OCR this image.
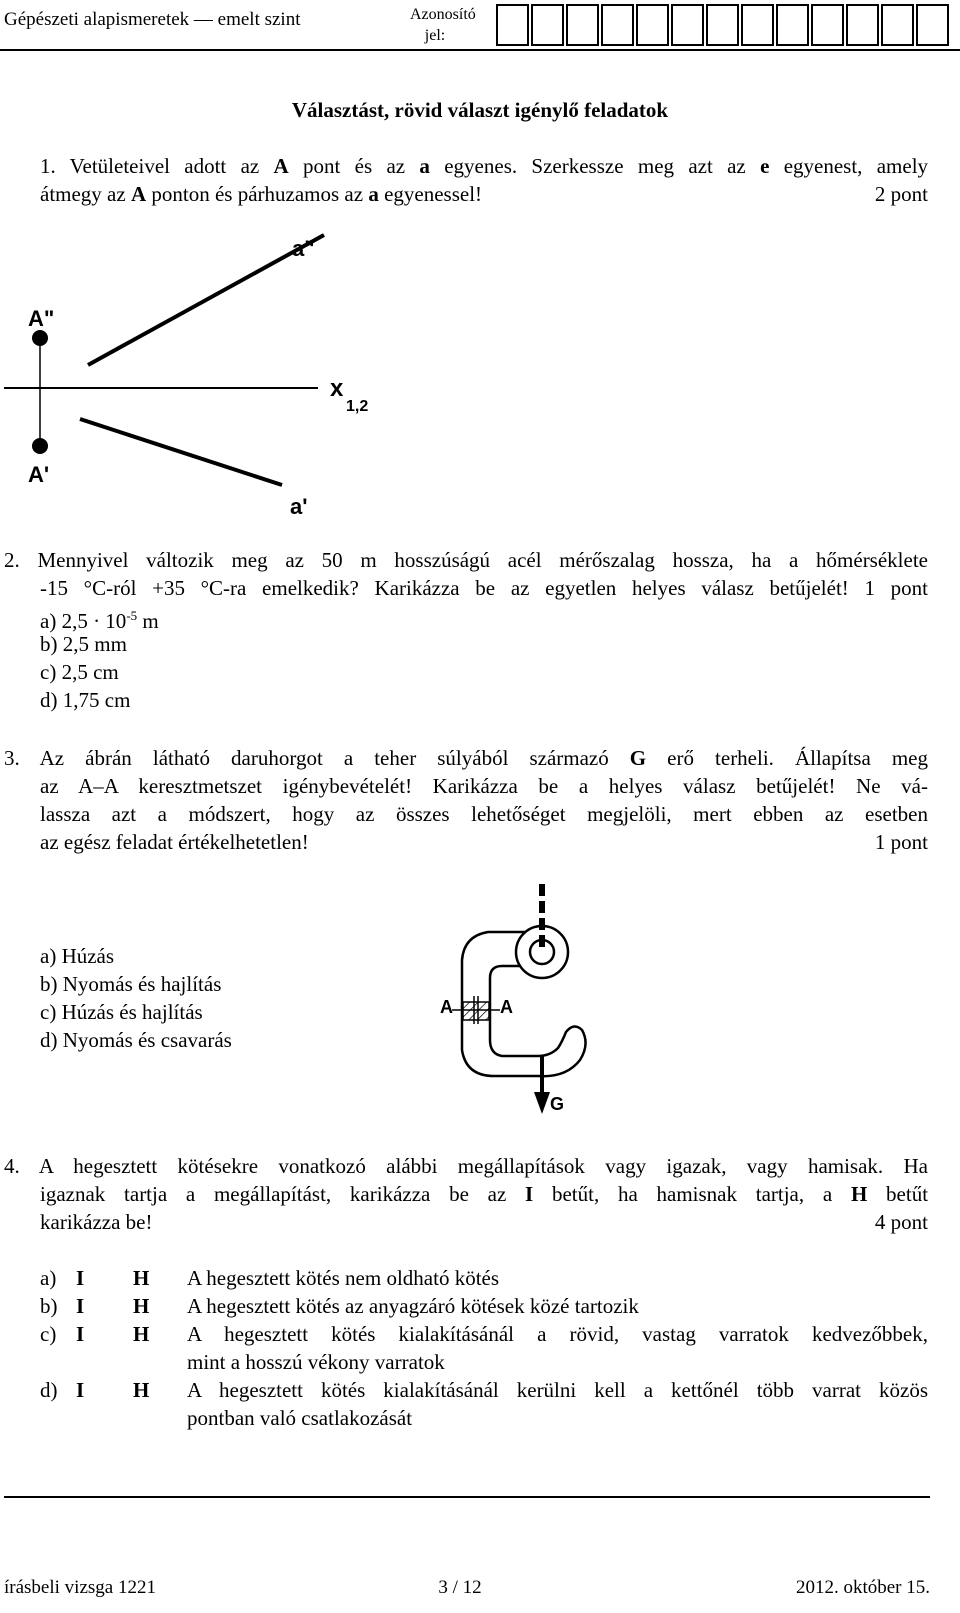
Gépészeti alapismeretek — emelt szint	Azonosító
jel:
Választást, rövid választ igénylő feladatok
1. Vetületeivel adott az A pont és az a egyenes. Szerkessze meg azt az e egyenest, amely
átmegy az A ponton és párhuzamos az a egyenessel!	2 pont
a"
A"
A'
a'
x
1,2
2. Mennyivel változik meg az 50 m hosszúságú acél mérőszalag hossza, ha a hőmérséklete
-15 °C-ról +35 °C-ra emelkedik? Karikázza be az egyetlen helyes válasz betűjelét! 1 pont
a) $2,5 \cdot 10^{-5}$ m
b) 2,5 mm
c) 2,5 cm
d) 1,75 cm
3. Az ábrán látható daruhorgot a teher súlyából származó G erő terheli. Állapítsa meg
az A–A keresztmetszet igénybevételét! Karikázza be a helyes válasz betűjelét! Ne vá-
lassza azt a módszert, hogy az összes lehetőséget megjelöli, mert ebben az esetben
az egész feladat értékelhetetlen!	1 pont
a) Húzás
b) Nyomás és hajlítás
c) Húzás és hajlítás
d) Nyomás és csavarás
A	A
G
4. A hegesztett kötésekre vonatkozó alábbi megállapítások vagy igazak, vagy hamisak. Ha
igaznak tartja a megállapítást, karikázza be az I betűt, ha hamisnak tartja, a H betűt
karikázza be!	4 pont
a) I H A hegesztett kötés nem oldható kötés
b) I H A hegesztett kötés az anyagzáró kötések közé tartozik
c) I H A hegesztett kötés kialakításánál a rövid, vastag varratok kedvezőbbek,
mint a hosszú vékony varratok
d) I H A hegesztett kötés kialakításánál kerülni kell a kettőnél több varrat közös
pontban való csatlakozását
írásbeli vizsga 1221	3 / 12	2012. október 15.
